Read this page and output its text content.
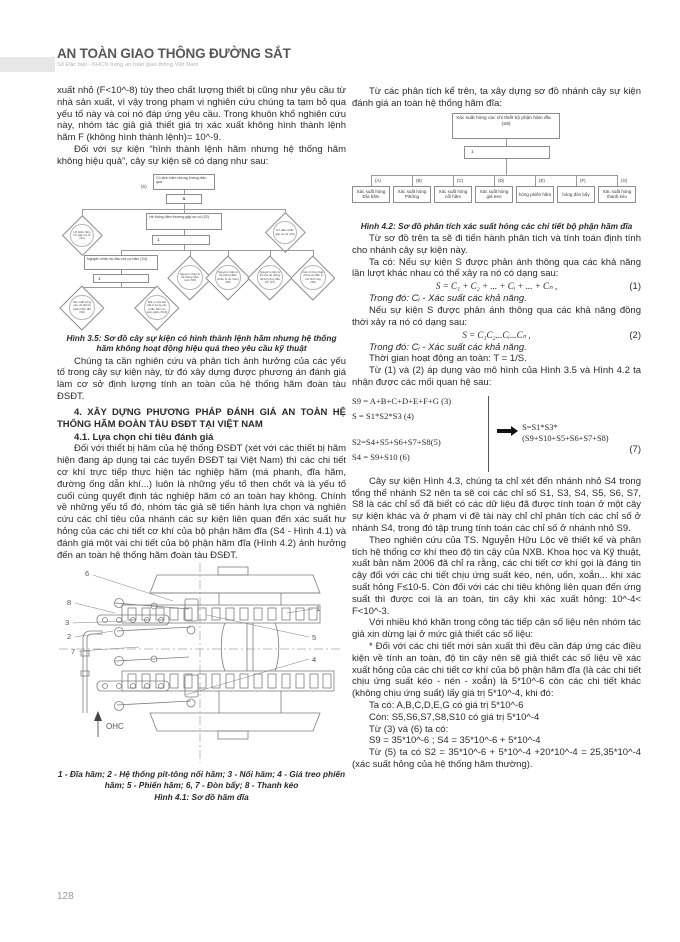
AN TOÀN GIAO THÔNG ĐƯỜNG SẮT
Số Đặc biệt - KHCN trong an toàn giao thông Việt Nam

xuất nhỏ (F<10^-8) tùy theo chất lượng thiết bị cũng như yêu cầu từ nhà sản xuất, vì vậy trong phạm vi nghiên cứu chúng ta tạm bỏ qua yếu tố này và coi nó đáp ứng yêu cầu. Trong khuôn khổ nghiên cứu này, nhóm tác giả giả thiết giá trị xác xuất không hình thành lệnh hãm F (không hình thành lệnh)= 10^-9.

Đối với sự kiện “hình thành lệnh hãm nhưng hệ thống hãm không hiệu quả”, cây sự kiện sẽ có dạng như sau:

(S)
Có lệnh hãm nhưng không hiệu quả
&
HT Hãm điện trở gặp sự cố (S1)
Hệ thống hãm thường gặp sự cố (S2)
HT Hãm khẩn gặp sự cố (S3)
1
Nguyên nhân do đầu nối cơ hãm (S4)
Nguyên nhân từ hệ thống hãm mòn (S5)
Nguyên nhân từ hệ thống điều khiển bị hư hỏng (S6)
Nguyên nhân từ lỗi của hệ thống đường ống dẫn khí (S7)
Các tổ hợp khác chưa xét đến ở mô hình này (S8)
1
Xác suất hỏng các chi tiết bộ phận hãm đĩa (S9)
Rủi ro của liên kết ở trong các phần hãm an toàn giảm (S10)

Hình 3.5: Sơ đồ cây sự kiện có hình thành lệnh hãm nhưng hệ thống hãm không hoạt động hiệu quả theo yêu cầu kỹ thuật

Chúng ta cần nghiên cứu và phân tích ảnh hưởng của các yếu tố trong cây sự kiện này, từ đó xây dựng được phương án đánh giá làm cơ sở định lượng tính an toàn của hệ thống hãm đoàn tàu ĐSĐT.

4. XÂY DỰNG PHƯƠNG PHÁP ĐÁNH GIÁ AN TOÀN HỆ THỐNG HÃM ĐOÀN TÀU ĐSĐT TẠI VIỆT NAM

4.1. Lựa chọn chỉ tiêu đánh giá

Đối với thiết bị hãm của hệ thống ĐSĐT (xét với các thiết bị hãm hiện đang áp dụng tại các tuyến ĐSĐT tại Việt Nam) thì các chi tiết cơ khí trực tiếp thực hiện tác nghiệp hãm (má phanh, đĩa hãm, đường ống dẫn khí...) luôn là những yếu tố then chốt và là yếu tố cuối cùng quyết định tác nghiệp hãm có an toàn hay không. Chính về những yếu tố đó, nhóm tác giả sẽ tiến hành lựa chọn và nghiên cứu các chỉ tiêu của nhánh các sự kiện liên quan đến xác suất hư hỏng của các chi tiết cơ khí của bộ phận hãm đĩa (S4 - Hình 4.1) và đánh giá một vài chi tiết của bộ phận hãm đĩa (Hình 4.2) ảnh hưởng đến an toàn hệ thống hãm đoàn tàu ĐSĐT.

6
8
3
2
7
1
5
4
OHC

1 - Đĩa hãm; 2 - Hệ thống pit-tông nối hãm; 3 - Nối hãm; 4 - Giá treo phiến hãm; 5 - Phiến hãm; 6, 7 - Đòn bẩy; 8 - Thanh kéo

Hình 4.1: Sơ đồ hãm đĩa

Từ các phân tích kể trên, ta xây dựng sơ đồ nhánh cây sự kiện đánh giá an toàn hệ thống hãm đĩa:

Xác suất hỏng các chi thiết bộ phận hãm đĩa
(S9)
1
(A)	(B)	(C)	(D)	(E)	(F)	(G)
Xác suất hỏng Đĩa hãm
Xác suất hỏng Pittông
Xác suất hỏng nối hãm
Xác suất hỏng giá treo
hỏng phiến hãm	hỏng đòn bẩy
Xác suất hỏng thanh kéo

Hình 4.2: Sơ đồ phân tích xác suất hỏng các chi tiết bộ phận hãm đĩa

Từ sơ đồ trên ta sẽ đi tiến hành phân tích và tính toán định tính cho nhánh cây sự kiện này.

Ta có: Nếu sự kiện S được phản ánh thông qua các khả năng lần lượt khác nhau có thể xảy ra nó có dạng sau:

S = C₁ + C₂ + ... + Cᵢ + ... + Cₙ ,	(1)

Trong đó: Cᵢ - Xác suất các khả năng.

Nếu sự kiện S được phản ánh thông qua các khả năng đồng thời xảy ra nó có dạng sau:

S = C₁C₂...Cᵢ...Cₙ ,	(2)

Trong đó: Cᵢ - Xác suất các khả năng.

Thời gian hoạt động an toàn: T = 1/S.

Từ (1) và (2) áp dụng vào mô hình của Hình 3.5 và Hình 4.2 ta nhận được các mối quan hệ sau:

S9 = A+B+C+D+E+F+G (3)
S = S1*S2*S3 (4)
S2=S4+S5+S6+S7+S8(5)
S4 = S9+S10 (6)
S=S1*S3*(S9+S10+S5+S6+S7+S8)
(7)

Cây sự kiện Hình 4.3, chúng ta chỉ xét đến nhánh nhỏ S4 trong tổng thể nhánh S2 nên ta sẽ coi các chỉ số S1, S3, S4, S5, S6, S7, S8 là các chỉ số đã biết có các dữ liệu đã được tính toán ở một cây sự kiện khác và ở phạm vi đề tài này chỉ chỉ phân tích các chỉ số ở nhánh S4, trong đó tập trung tính toán các chỉ số ở nhánh nhỏ S9.

Theo nghiên cứu của TS. Nguyễn Hữu Lộc về thiết kế và phân tích hệ thống cơ khí theo độ tin cậy của NXB. Khoa học và Kỹ thuật, xuất bản năm 2006 đã chỉ ra rằng, các chi tiết cơ khí gọi là đáng tin cậy đối với các chi tiết chịu ứng suất kéo, nén, uốn, xoắn... khi xác suất hỏng F≤10-5. Còn đối với các chi tiêu không liên quan đến ứng suất thì được coi là an toàn, tin cậy khi xác xuất hỏng: 10^-4< F<10^-3.

Với nhiều khó khăn trong công tác tiếp cận số liệu nên nhóm tác giả xin dừng lại ở mức giả thiết các số liệu:

* Đối với các chi tiết mới sản xuất thì đều cần đáp ứng các điều kiện về tính an toàn, độ tin cậy nên sẽ giả thiết các số liệu về xác xuất hỏng của các chi tiết cơ khí của bộ phận hãm đĩa (là các chi tiết chịu ứng suất kéo - nén - xoắn) là 5*10^-6 còn các chi tiết khác (không chịu ứng suất) lấy giá trị 5*10^-4, khi đó:

Ta có: A,B,C,D,E,G có giá trị 5*10^-6

Còn: S5,S6,S7,S8,S10 có giá trị 5*10^-4

Từ (3) và (6) ta có:

S9 = 35*10^-6 ; S4 = 35*10^-6 + 5*10^-4

Từ (5) ta có S2 = 35*10^-6 + 5*10^-4 +20*10^-4 = 25,35*10^-4 (xác suất hỏng của hệ thống hãm thường).

128
